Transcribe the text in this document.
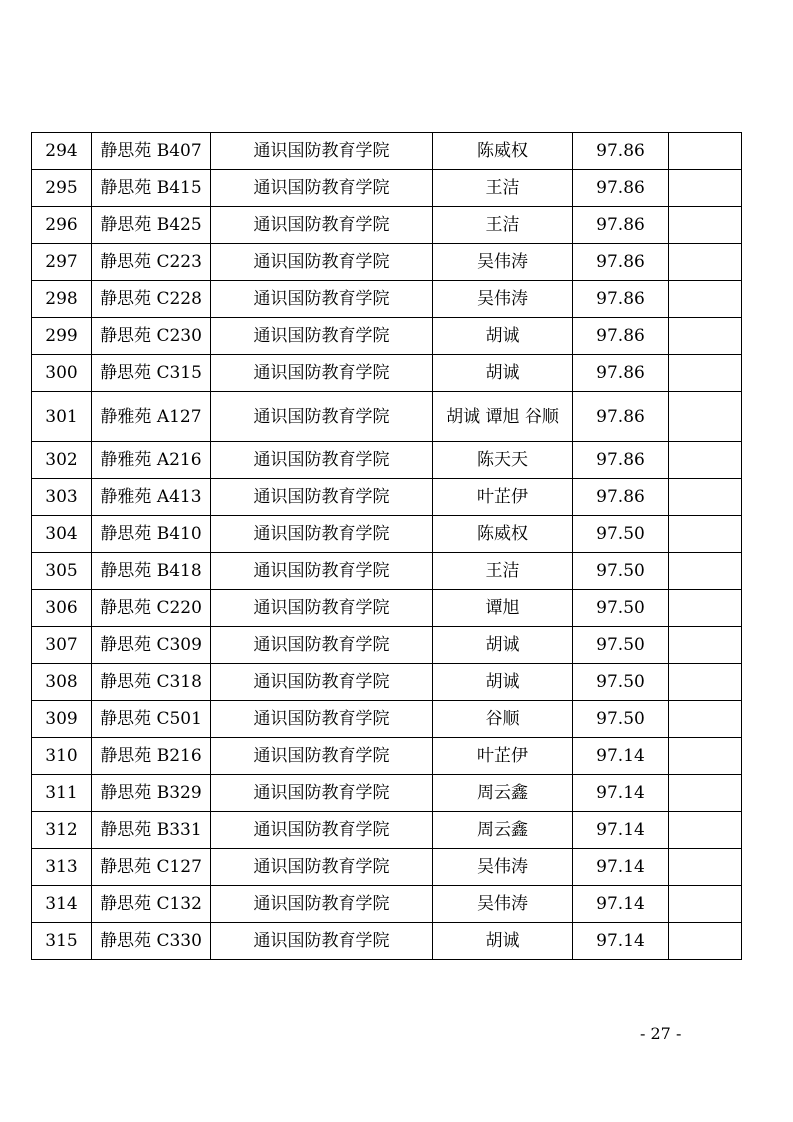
294	静思苑 B407	通识国防教育学院	陈威权	97.86	
295	静思苑 B415	通识国防教育学院	王洁	97.86	
296	静思苑 B425	通识国防教育学院	王洁	97.86	
297	静思苑 C223	通识国防教育学院	吴伟涛	97.86	
298	静思苑 C228	通识国防教育学院	吴伟涛	97.86	
299	静思苑 C230	通识国防教育学院	胡诚	97.86	
300	静思苑 C315	通识国防教育学院	胡诚	97.86	
301	静雅苑 A127	通识国防教育学院	胡诚 谭旭 谷顺	97.86	
302	静雅苑 A216	通识国防教育学院	陈天天	97.86	
303	静雅苑 A413	通识国防教育学院	叶芷伊	97.86	
304	静思苑 B410	通识国防教育学院	陈威权	97.50	
305	静思苑 B418	通识国防教育学院	王洁	97.50	
306	静思苑 C220	通识国防教育学院	谭旭	97.50	
307	静思苑 C309	通识国防教育学院	胡诚	97.50	
308	静思苑 C318	通识国防教育学院	胡诚	97.50	
309	静思苑 C501	通识国防教育学院	谷顺	97.50	
310	静思苑 B216	通识国防教育学院	叶芷伊	97.14	
311	静思苑 B329	通识国防教育学院	周云鑫	97.14	
312	静思苑 B331	通识国防教育学院	周云鑫	97.14	
313	静思苑 C127	通识国防教育学院	吴伟涛	97.14	
314	静思苑 C132	通识国防教育学院	吴伟涛	97.14	
315	静思苑 C330	通识国防教育学院	胡诚	97.14	
- 27 -
